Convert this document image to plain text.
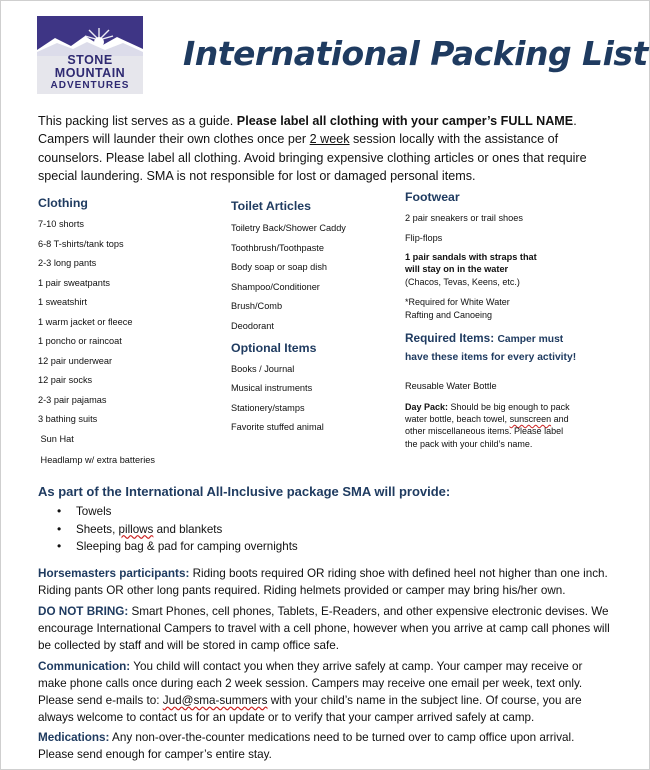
STONE
MOUNTAIN
ADVENTURES
International Packing List
This packing list serves as a guide. Please label all clothing with your camper’s FULL NAME. Campers will launder their own clothes once per 2 week session locally with the assistance of counselors. Please label all clothing. Avoid bringing expensive clothing articles or ones that require special laundering. SMA is not responsible for lost or damaged personal items.
Clothing
7-10 shorts
6-8 T-shirts/tank tops
2-3 long pants
1 pair sweatpants
1 sweatshirt
1 warm jacket or fleece
1 poncho or raincoat
12 pair underwear
12 pair socks
2-3 pair pajamas
3 bathing suits
Sun Hat
Headlamp w/ extra batteries
Toilet Articles
Toiletry Back/Shower Caddy
Toothbrush/Toothpaste
Body soap or soap dish
Shampoo/Conditioner
Brush/Comb
Deodorant
Optional Items
Books / Journal
Musical instruments
Stationery/stamps
Favorite stuffed animal
Footwear
2 pair sneakers or trail shoes
Flip-flops
1 pair sandals with straps that
will stay on in the water
(Chacos, Tevas, Keens, etc.)
*Required for White Water
Rafting and Canoeing
Required Items: Camper must have these items for every activity!
Reusable Water Bottle
Day Pack: Should be big enough to pack water bottle, beach towel, sunscreen and other miscellaneous items. Please label the pack with your child’s name.
As part of the International All-Inclusive package SMA will provide:
• Towels
• Sheets, pillows and blankets
• Sleeping bag & pad for camping overnights
Horsemasters participants: Riding boots required OR riding shoe with defined heel not higher than one inch. Riding pants OR other long pants required. Riding helmets provided or camper may bring his/her own.
DO NOT BRING: Smart Phones, cell phones, Tablets, E-Readers, and other expensive electronic devises. We encourage International Campers to travel with a cell phone, however when you arrive at camp call phones will be collected by staff and will be stored in camp office safe.
Communication: You child will contact you when they arrive safely at camp. Your camper may receive or make phone calls once during each 2 week session. Campers may receive one email per week, text only. Please send e-mails to: Jud@sma-summers with your child’s name in the subject line. Of course, you are always welcome to contact us for an update or to verify that your camper arrived safely at camp.
Medications: Any non-over-the-counter medications need to be turned over to camp office upon arrival. Please send enough for camper’s entire stay.
